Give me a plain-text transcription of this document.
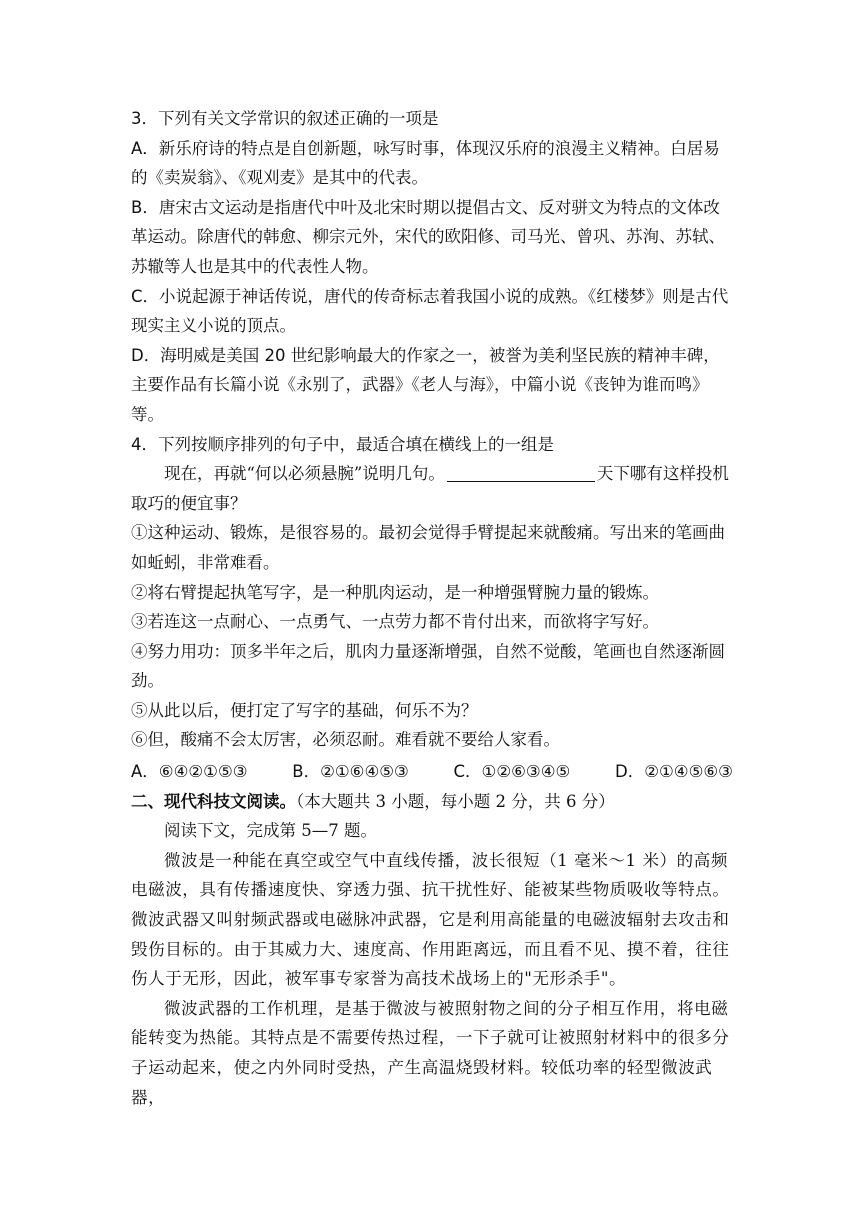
3．下列有关文学常识的叙述正确的一项是

A．新乐府诗的特点是自创新题，咏写时事，体现汉乐府的浪漫主义精神。白居易的《卖炭翁》、《观刈麦》是其中的代表。

B．唐宋古文运动是指唐代中叶及北宋时期以提倡古文、反对骈文为特点的文体改革运动。除唐代的韩愈、柳宗元外，宋代的欧阳修、司马光、曾巩、苏洵、苏轼、苏辙等人也是其中的代表性人物。

C．小说起源于神话传说，唐代的传奇标志着我国小说的成熟。《红楼梦》则是古代现实主义小说的顶点。

D．海明威是美国 20 世纪影响最大的作家之一，被誉为美利坚民族的精神丰碑，主要作品有长篇小说《永别了，武器》《老人与海》，中篇小说《丧钟为谁而鸣》等。

4．下列按顺序排列的句子中，最适合填在横线上的一组是

现在，再就“何以必须悬腕”说明几句。	天下哪有这样投机取巧的便宜事？

①这种运动、锻炼，是很容易的。最初会觉得手臂提起来就酸痛。写出来的笔画曲如蚯蚓，非常难看。

②将右臂提起执笔写字，是一种肌肉运动，是一种增强臂腕力量的锻炼。

③若连这一点耐心、一点勇气、一点劳力都不肯付出来，而欲将字写好。

④努力用功：顶多半年之后，肌肉力量逐渐增强，自然不觉酸，笔画也自然逐渐圆劲。

⑤从此以后，便打定了写字的基础，何乐不为？

⑥但，酸痛不会太厉害，必须忍耐。难看就不要给人家看。

A．⑥④②①⑤③	B．②①⑥④⑤③	C．①②⑥③④⑤	D．②①④⑤⑥③

二、现代科技文阅读。（本大题共 3 小题，每小题 2 分，共 6 分）

阅读下文，完成第 5—7 题。

微波是一种能在真空或空气中直线传播，波长很短（1 毫米～1 米）的高频电磁波，具有传播速度快、穿透力强、抗干扰性好、能被某些物质吸收等特点。微波武器又叫射频武器或电磁脉冲武器，它是利用高能量的电磁波辐射去攻击和毁伤目标的。由于其威力大、速度高、作用距离远，而且看不见、摸不着，往往伤人于无形，因此，被军事专家誉为高技术战场上的"无形杀手"。

微波武器的工作机理，是基于微波与被照射物之间的分子相互作用，将电磁能转变为热能。其特点是不需要传热过程，一下子就可让被照射材料中的很多分子运动起来，使之内外同时受热，产生高温烧毁材料。较低功率的轻型微波武器，
